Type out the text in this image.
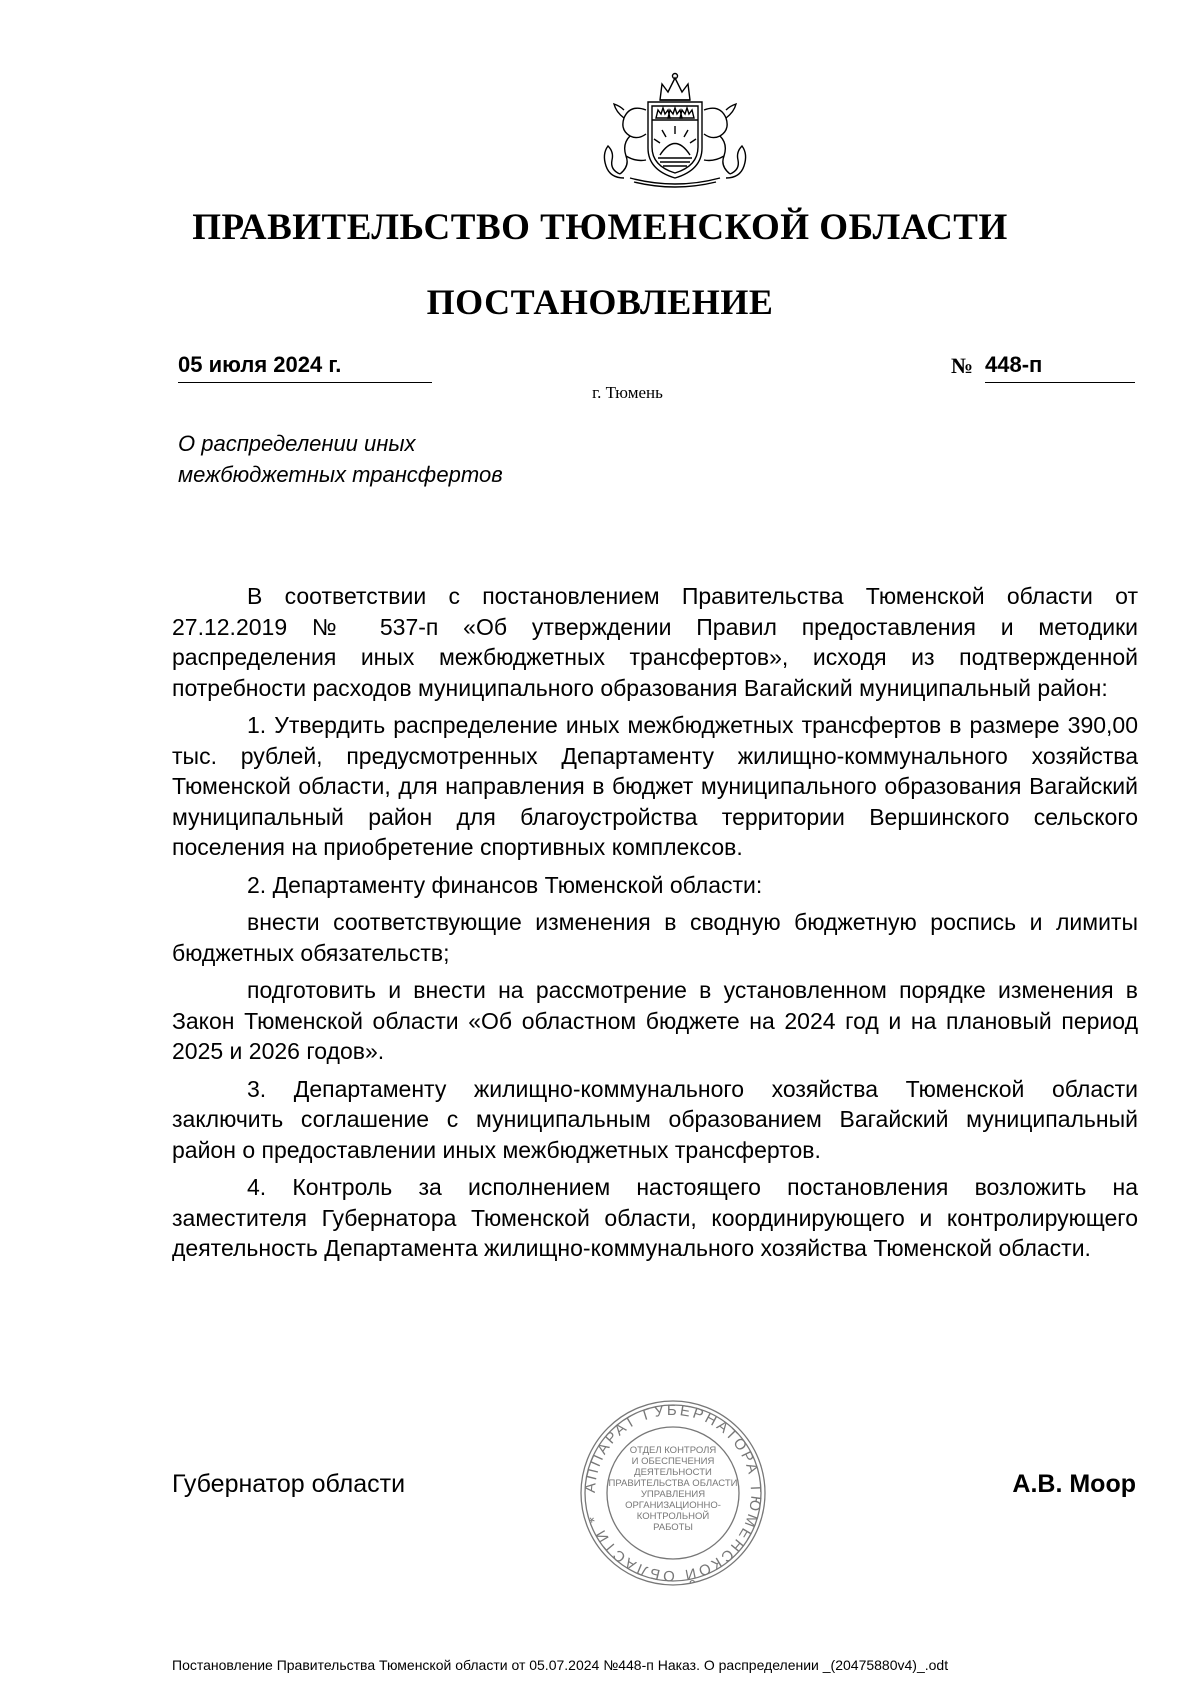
ПРАВИТЕЛЬСТВО ТЮМЕНСКОЙ ОБЛАСТИ
ПОСТАНОВЛЕНИЕ
05 июля 2024 г.	№ 448-п
г. Тюмень
О распределении иных
межбюджетных трансфертов

В соответствии с постановлением Правительства Тюменской области от 27.12.2019 № 537-п «Об утверждении Правил предоставления и методики распределения иных межбюджетных трансфертов», исходя из подтвержденной потребности расходов муниципального образования Вагайский муниципальный район:

1. Утвердить распределение иных межбюджетных трансфертов в размере 390,00 тыс. рублей, предусмотренных Департаменту жилищно-коммунального хозяйства Тюменской области, для направления в бюджет муниципального образования Вагайский муниципальный район для благоустройства территории Вершинского сельского поселения на приобретение спортивных комплексов.

2. Департаменту финансов Тюменской области:

внести соответствующие изменения в сводную бюджетную роспись и лимиты бюджетных обязательств;

подготовить и внести на рассмотрение в установленном порядке изменения в Закон Тюменской области «Об областном бюджете на 2024 год и на плановый период 2025 и 2026 годов».

3. Департаменту жилищно-коммунального хозяйства Тюменской области заключить соглашение с муниципальным образованием Вагайский муниципальный район о предоставлении иных межбюджетных трансфертов.

4. Контроль за исполнением настоящего постановления возложить на заместителя Губернатора Тюменской области, координирующего и контролирующего деятельность Департамента жилищно-коммунального хозяйства Тюменской области.

Губернатор области	АППАРАТ ГУБЕРНАТОРА ТЮМЕНСКОЙ ОБЛАСТИ *
ОТДЕЛ КОНТРОЛЯ
И ОБЕСПЕЧЕНИЯ
ДЕЯТЕЛЬНОСТИ
ПРАВИТЕЛЬСТВА ОБЛАСТИ
УПРАВЛЕНИЯ
ОРГАНИЗАЦИОННО-
КОНТРОЛЬНОЙ
РАБОТЫ
А.В. Моор
Постановление Правительства Тюменской области от 05.07.2024 №448-п Наказ. О распределении _(20475880v4)_.odt
